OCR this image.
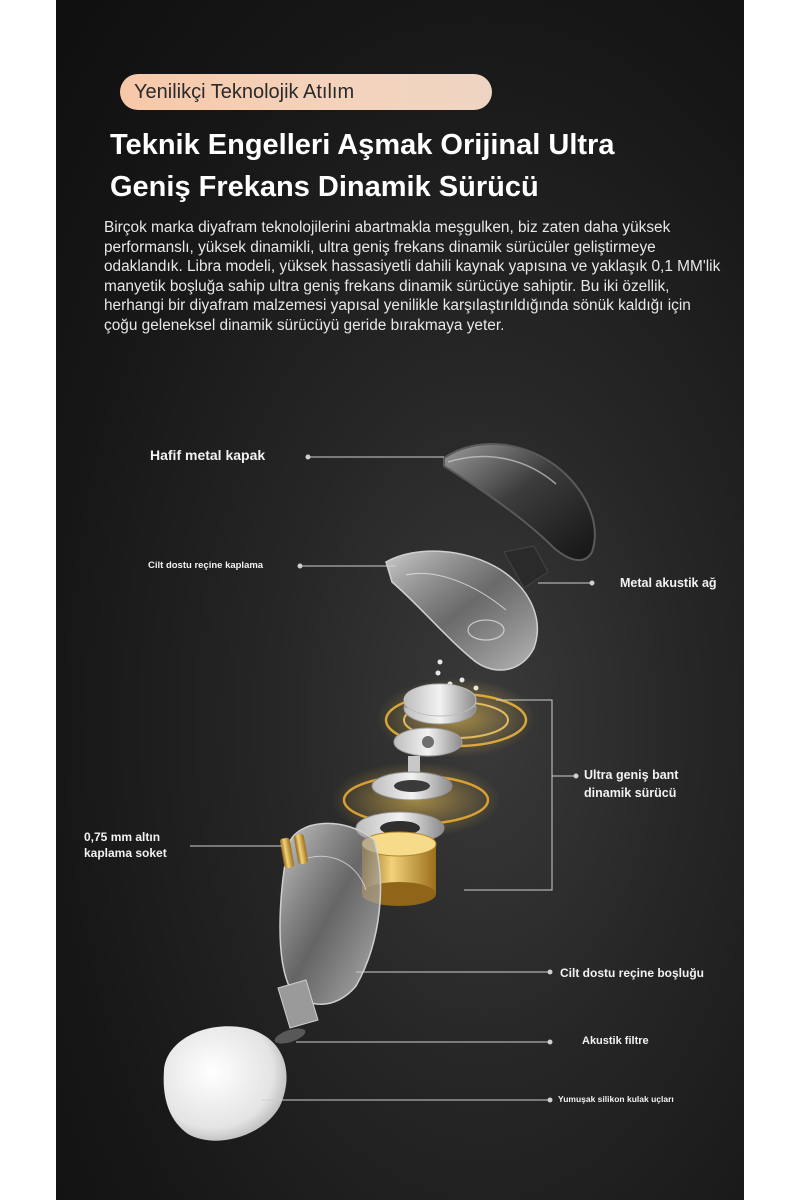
Yenilikçi Teknolojik Atılım
Teknik Engelleri Aşmak Orijinal Ultra
Geniş Frekans Dinamik Sürücü

Birçok marka diyafram teknolojilerini abartmakla meşgulken, biz zaten daha yüksek performanslı, yüksek dinamikli, ultra geniş frekans dinamik sürücüler geliştirmeye odaklandık. Libra modeli, yüksek hassasiyetli dahili kaynak yapısına ve yaklaşık 0,1 MM'lik manyetik boşluğa sahip ultra geniş frekans dinamik sürücüye sahiptir. Bu iki özellik, herhangi bir diyafram malzemesi yapısal yenilikle karşılaştırıldığında sönük kaldığı için çoğu geleneksel dinamik sürücüyü geride bırakmaya yeter.

Hafif metal kapak
Cilt dostu reçine kaplama
Metal akustik ağ
Ultra geniş bant
dinamik sürücü
0,75 mm altın
kaplama soket
Cilt dostu reçine boşluğu
Akustik filtre
Yumuşak silikon kulak uçları
